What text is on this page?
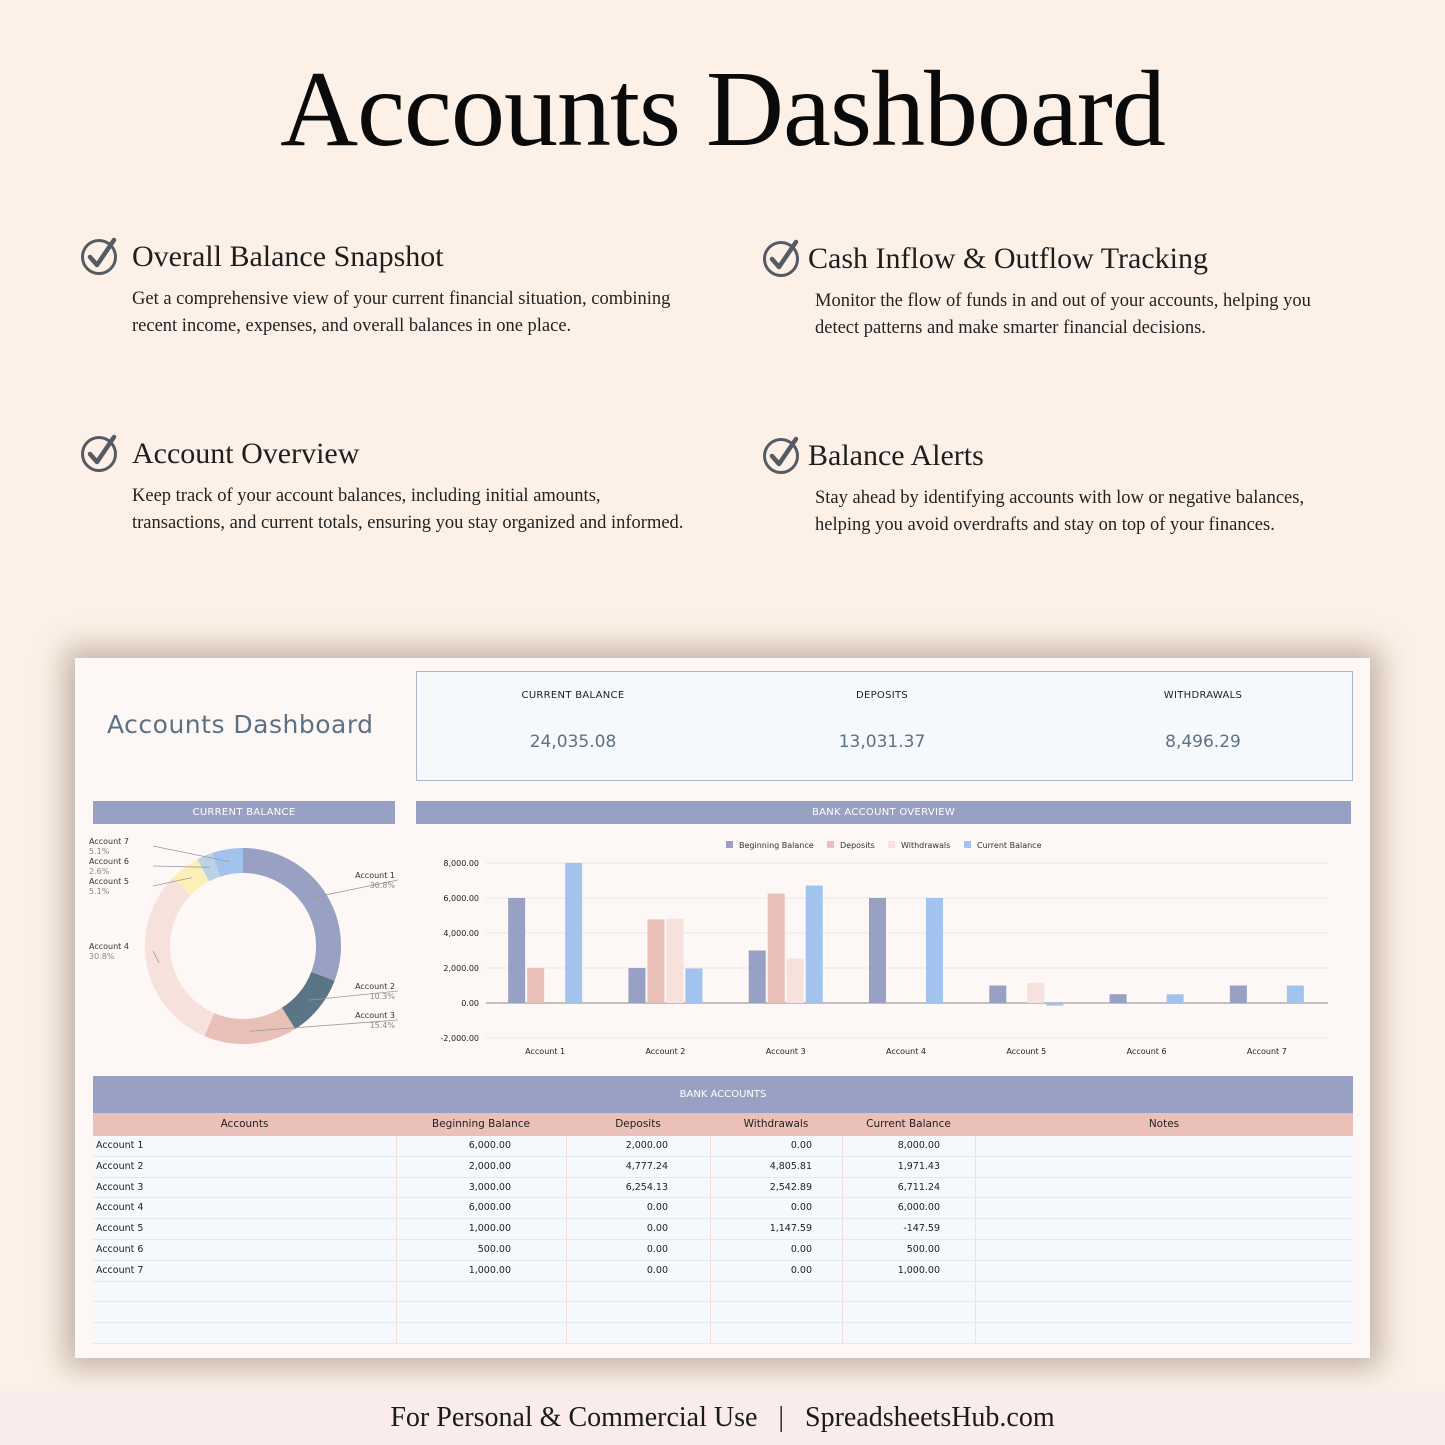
Accounts Dashboard
Overall Balance Snapshot
Get a comprehensive view of your current financial situation, combining recent income, expenses, and overall balances in one place.
Cash Inflow & Outflow Tracking
Monitor the flow of funds in and out of your accounts, helping you detect patterns and make smarter financial decisions.
Account Overview
Keep track of your account balances, including initial amounts, transactions, and current totals, ensuring you stay organized and informed.
Balance Alerts
Stay ahead by identifying accounts with low or negative balances, helping you avoid overdrafts and stay on top of your finances.
Accounts Dashboard
CURRENT BALANCE
24,035.08
DEPOSITS
13,031.37
WITHDRAWALS
8,496.29
CURRENT BALANCE	BANK ACCOUNT OVERVIEW
Account 1
30.8%
Account 2
10.3%
Account 3
15.4%
Account 4
30.8%
Account 5
5.1%
Account 6
2.6%
Account 7
5.1%
Beginning Balance	Deposits	Withdrawals	Current Balance
8,000.00
6,000.00
4,000.00
2,000.00
0.00
-2,000.00
Account 1	Account 2	Account 3	Account 4	Account 5	Account 6	Account 7
BANK ACCOUNTS
Accounts	Beginning Balance	Deposits	Withdrawals	Current Balance	Notes
Account 1	6,000.00	2,000.00	0.00	8,000.00
Account 2	2,000.00	4,777.24	4,805.81	1,971.43
Account 3	3,000.00	6,254.13	2,542.89	6,711.24
Account 4	6,000.00	0.00	0.00	6,000.00
Account 5	1,000.00	0.00	1,147.59	-147.59
Account 6	500.00	0.00	0.00	500.00
Account 7	1,000.00	0.00	0.00	1,000.00
For Personal & Commercial Use | SpreadsheetsHub.com
